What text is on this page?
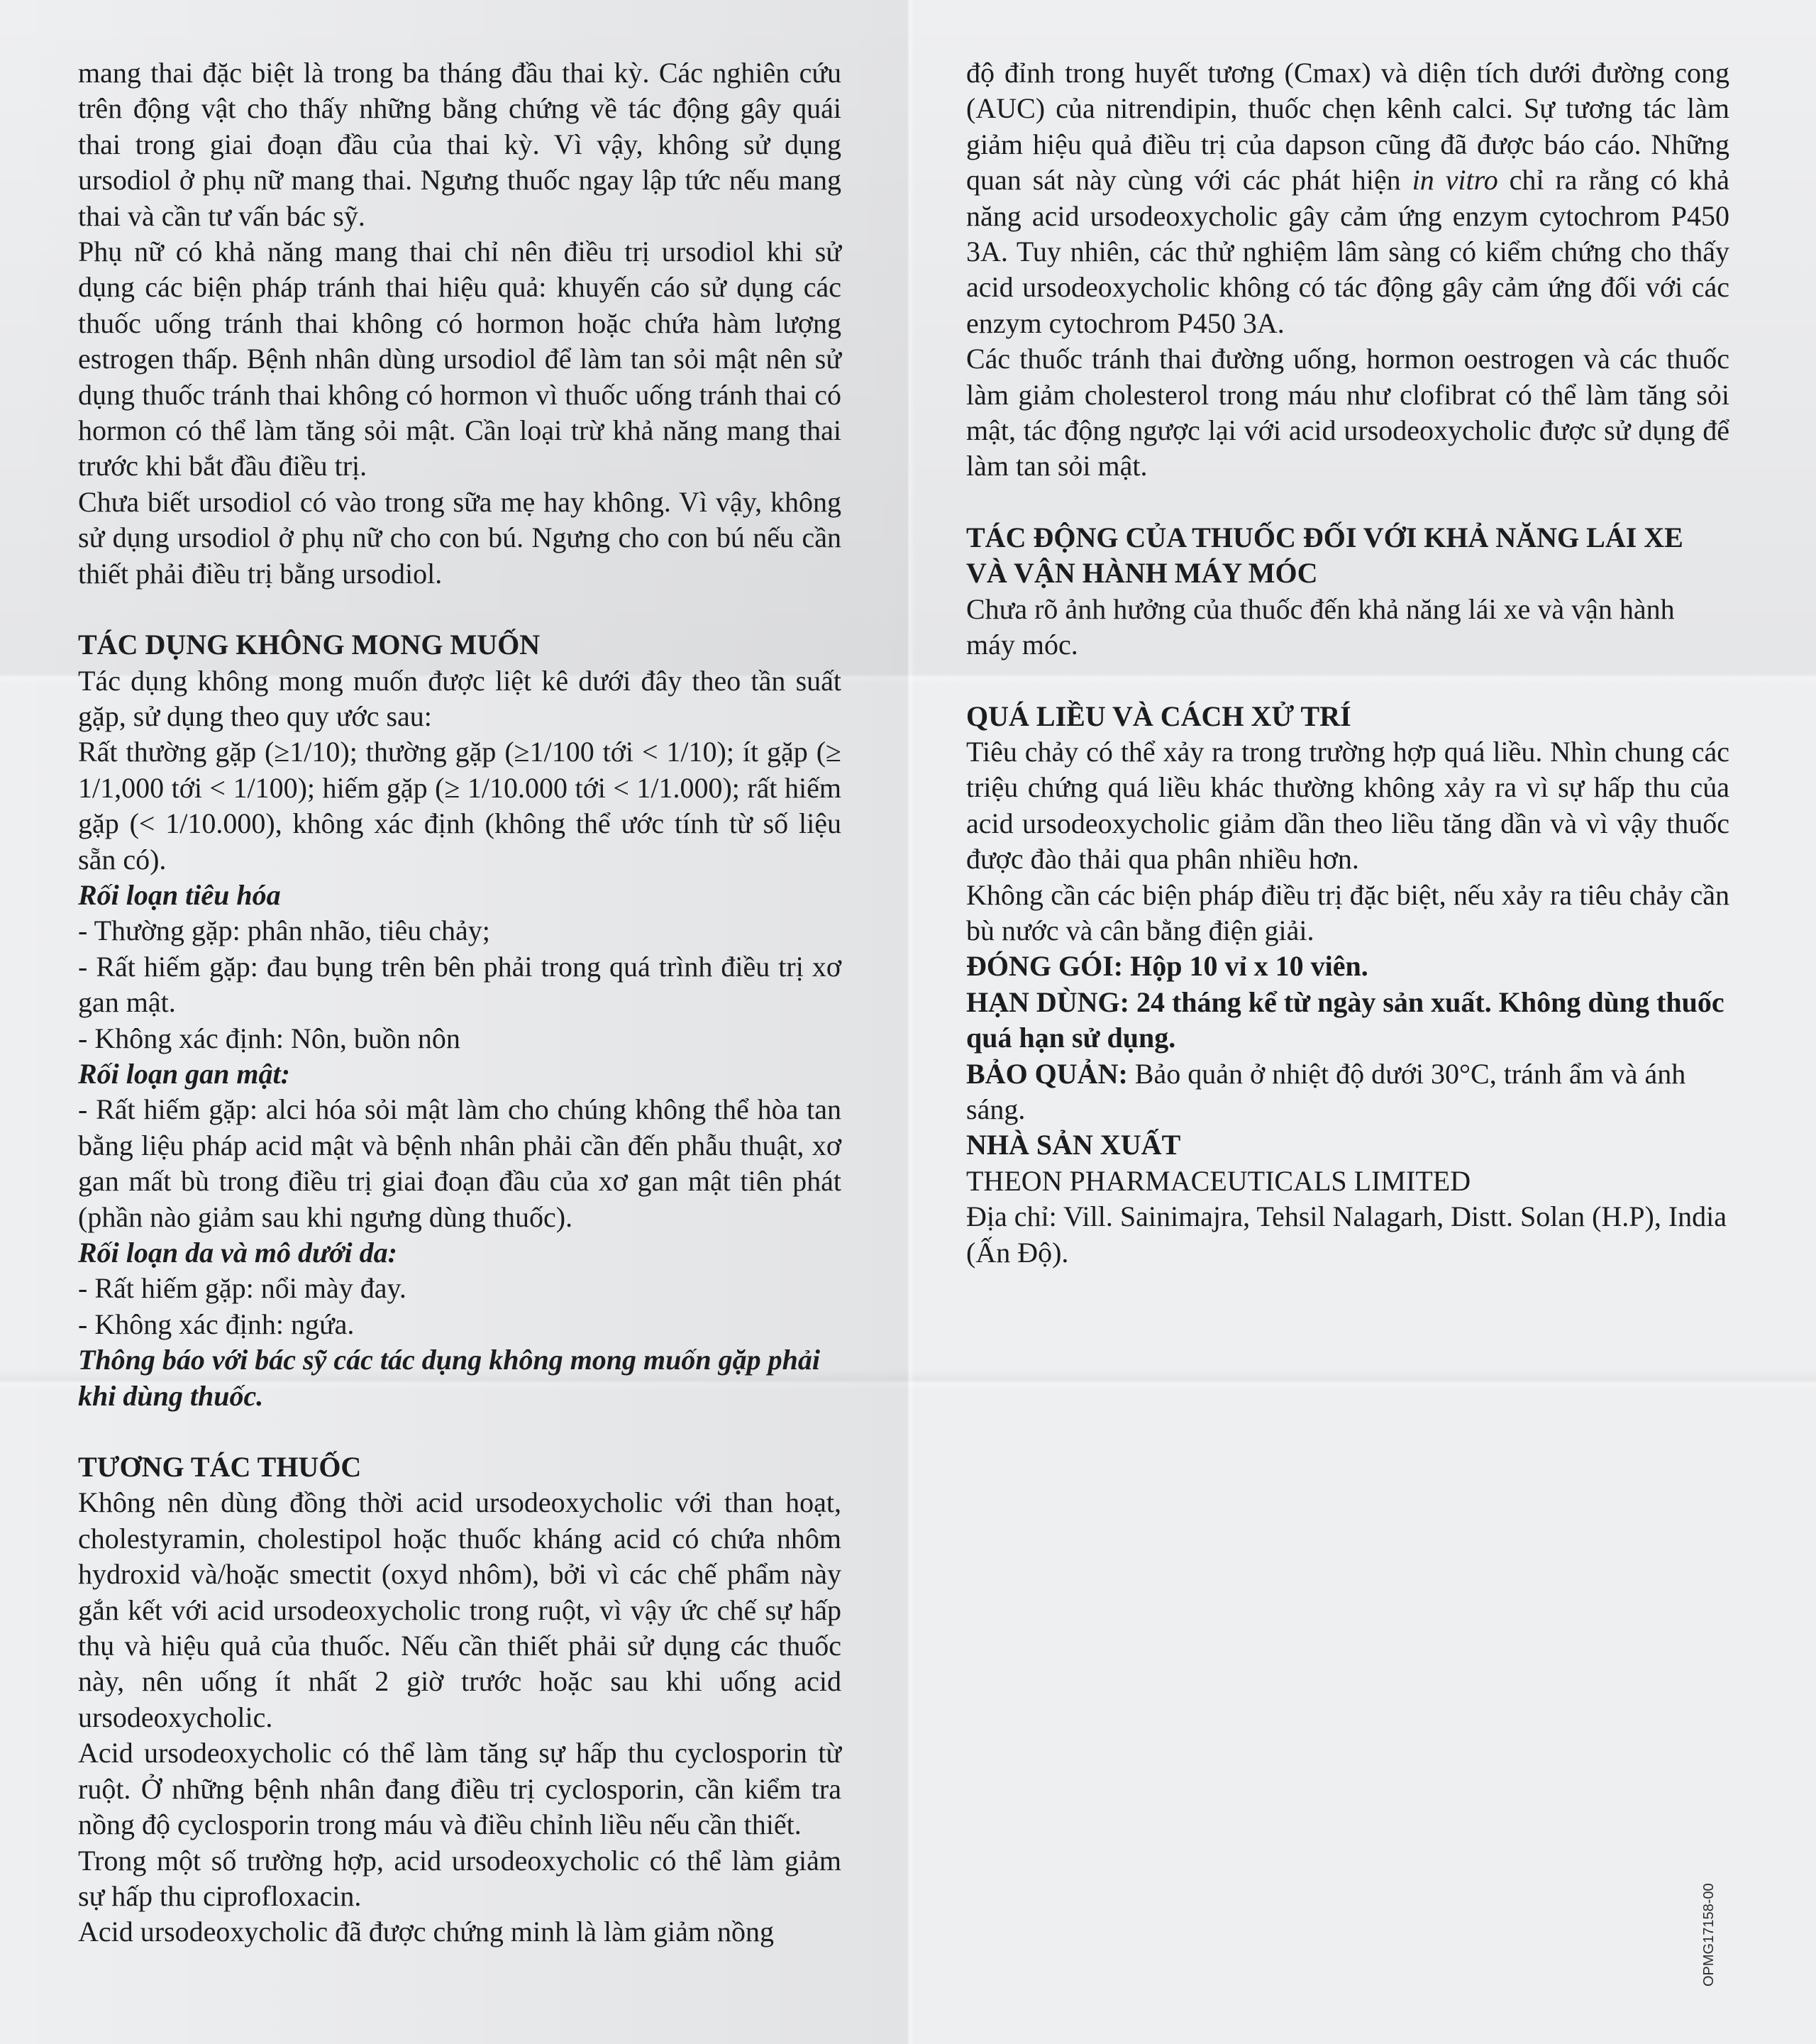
mang thai đặc biệt là trong ba tháng đầu thai kỳ. Các nghiên cứu trên động vật cho thấy những bằng chứng về tác động gây quái thai trong giai đoạn đầu của thai kỳ. Vì vậy, không sử dụng ursodiol ở phụ nữ mang thai. Ngưng thuốc ngay lập tức nếu mang thai và cần tư vấn bác sỹ.

Phụ nữ có khả năng mang thai chỉ nên điều trị ursodiol khi sử dụng các biện pháp tránh thai hiệu quả: khuyến cáo sử dụng các thuốc uống tránh thai không có hormon hoặc chứa hàm lượng estrogen thấp. Bệnh nhân dùng ursodiol để làm tan sỏi mật nên sử dụng thuốc tránh thai không có hormon vì thuốc uống tránh thai có hormon có thể làm tăng sỏi mật. Cần loại trừ khả năng mang thai trước khi bắt đầu điều trị.

Chưa biết ursodiol có vào trong sữa mẹ hay không. Vì vậy, không sử dụng ursodiol ở phụ nữ cho con bú. Ngưng cho con bú nếu cần thiết phải điều trị bằng ursodiol.

TÁC DỤNG KHÔNG MONG MUỐN

Tác dụng không mong muốn được liệt kê dưới đây theo tần suất gặp, sử dụng theo quy ước sau:

Rất thường gặp (≥1/10); thường gặp (≥1/100 tới < 1/10); ít gặp (≥ 1/1,000 tới < 1/100); hiếm gặp (≥ 1/10.000 tới < 1/1.000); rất hiếm gặp (< 1/10.000), không xác định (không thể ước tính từ số liệu sẵn có).

Rối loạn tiêu hóa

- Thường gặp: phân nhão, tiêu chảy;

- Rất hiếm gặp: đau bụng trên bên phải trong quá trình điều trị xơ gan mật.

- Không xác định: Nôn, buồn nôn

Rối loạn gan mật:

- Rất hiếm gặp: alci hóa sỏi mật làm cho chúng không thể hòa tan bằng liệu pháp acid mật và bệnh nhân phải cần đến phẫu thuật, xơ gan mất bù trong điều trị giai đoạn đầu của xơ gan mật tiên phát (phần nào giảm sau khi ngưng dùng thuốc).

Rối loạn da và mô dưới da:

- Rất hiếm gặp: nổi mày đay.

- Không xác định: ngứa.

Thông báo với bác sỹ các tác dụng không mong muốn gặp phải khi dùng thuốc.

TƯƠNG TÁC THUỐC

Không nên dùng đồng thời acid ursodeoxycholic với than hoạt, cholestyramin, cholestipol hoặc thuốc kháng acid có chứa nhôm hydroxid và/hoặc smectit (oxyd nhôm), bởi vì các chế phẩm này gắn kết với acid ursodeoxycholic trong ruột, vì vậy ức chế sự hấp thụ và hiệu quả của thuốc. Nếu cần thiết phải sử dụng các thuốc này, nên uống ít nhất 2 giờ trước hoặc sau khi uống acid ursodeoxycholic.

Acid ursodeoxycholic có thể làm tăng sự hấp thu cyclosporin từ ruột. Ở những bệnh nhân đang điều trị cyclosporin, cần kiểm tra nồng độ cyclosporin trong máu và điều chỉnh liều nếu cần thiết.

Trong một số trường hợp, acid ursodeoxycholic có thể làm giảm sự hấp thu ciprofloxacin.

Acid ursodeoxycholic đã được chứng minh là làm giảm nồng

độ đỉnh trong huyết tương (Cmax) và diện tích dưới đường cong (AUC) của nitrendipin, thuốc chẹn kênh calci. Sự tương tác làm giảm hiệu quả điều trị của dapson cũng đã được báo cáo. Những quan sát này cùng với các phát hiện in vitro chỉ ra rằng có khả năng acid ursodeoxycholic gây cảm ứng enzym cytochrom P450 3A. Tuy nhiên, các thử nghiệm lâm sàng có kiểm chứng cho thấy acid ursodeoxycholic không có tác động gây cảm ứng đối với các enzym cytochrom P450 3A.

Các thuốc tránh thai đường uống, hormon oestrogen và các thuốc làm giảm cholesterol trong máu như clofibrat có thể làm tăng sỏi mật, tác động ngược lại với acid ursodeoxycholic được sử dụng để làm tan sỏi mật.

TÁC ĐỘNG CỦA THUỐC ĐỐI VỚI KHẢ NĂNG LÁI XE VÀ VẬN HÀNH MÁY MÓC

Chưa rõ ảnh hưởng của thuốc đến khả năng lái xe và vận hành máy móc.

QUÁ LIỀU VÀ CÁCH XỬ TRÍ

Tiêu chảy có thể xảy ra trong trường hợp quá liều. Nhìn chung các triệu chứng quá liều khác thường không xảy ra vì sự hấp thu của acid ursodeoxycholic giảm dần theo liều tăng dần và vì vậy thuốc được đào thải qua phân nhiều hơn.

Không cần các biện pháp điều trị đặc biệt, nếu xảy ra tiêu chảy cần bù nước và cân bằng điện giải.

ĐÓNG GÓI: Hộp 10 vỉ x 10 viên.

HẠN DÙNG: 24 tháng kể từ ngày sản xuất. Không dùng thuốc quá hạn sử dụng.

BẢO QUẢN: Bảo quản ở nhiệt độ dưới 30°C, tránh ẩm và ánh sáng.

NHÀ SẢN XUẤT

THEON PHARMACEUTICALS LIMITED

Địa chỉ: Vill. Sainimajra, Tehsil Nalagarh, Distt. Solan (H.P), India (Ấn Độ).

OPMG17158-00
